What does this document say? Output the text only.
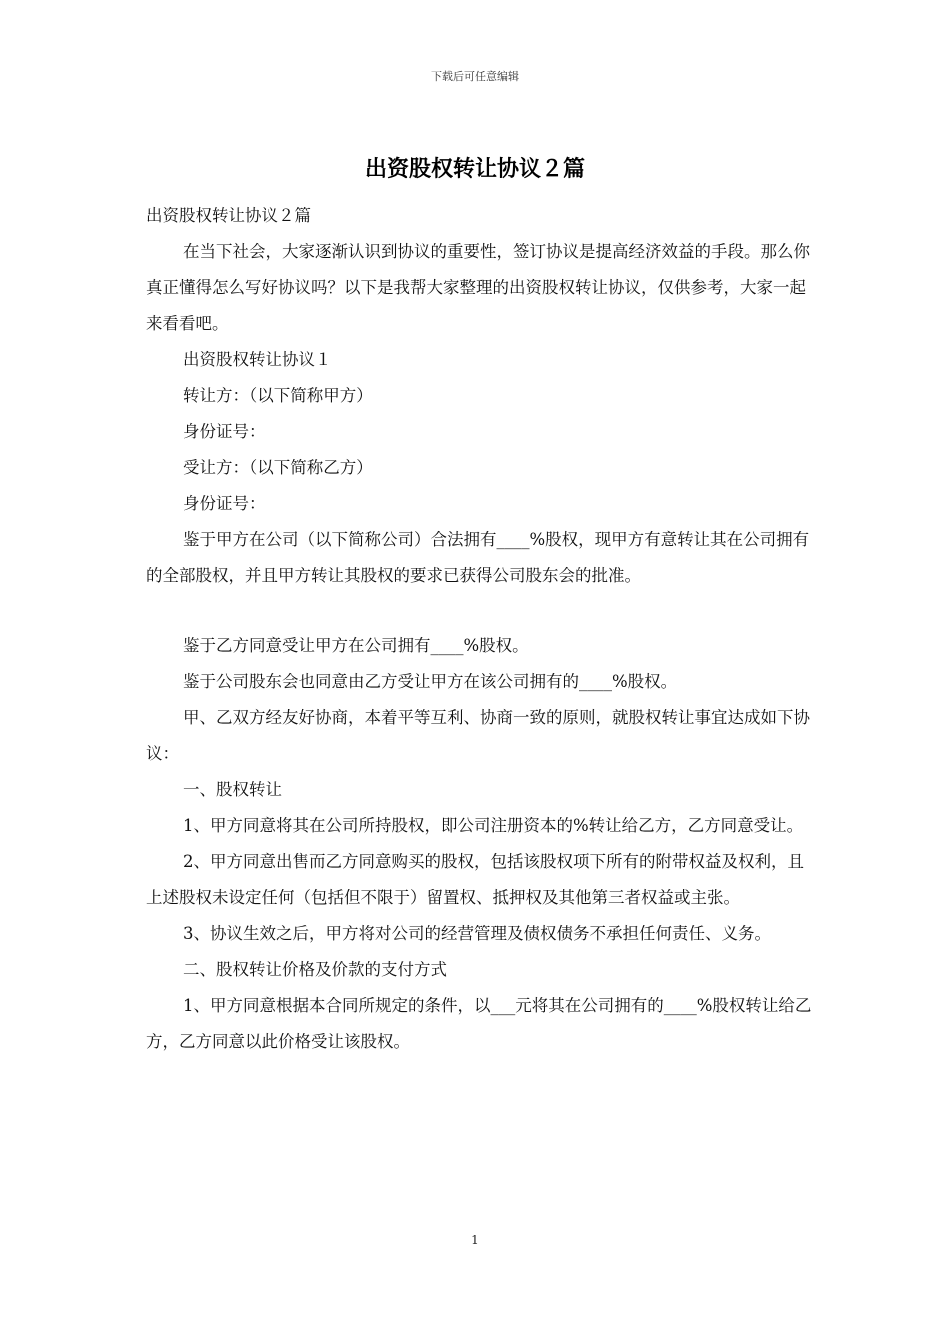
下载后可任意编辑
出资股权转让协议２篇

出资股权转让协议２篇

在当下社会，大家逐渐认识到协议的重要性，签订协议是提高经济效益的手段。那么你真正懂得怎么写好协议吗？以下是我帮大家整理的出资股权转让协议，仅供参考，大家一起来看看吧。

出资股权转让协议１

转让方：（以下简称甲方）

身份证号：

受让方：（以下简称乙方）

身份证号：

鉴于甲方在公司（以下简称公司）合法拥有____%股权，现甲方有意转让其在公司拥有的全部股权，并且甲方转让其股权的要求已获得公司股东会的批准。

鉴于乙方同意受让甲方在公司拥有____%股权。

鉴于公司股东会也同意由乙方受让甲方在该公司拥有的____%股权。

甲、乙双方经友好协商，本着平等互利、协商一致的原则，就股权转让事宜达成如下协议：

一、股权转让

1、甲方同意将其在公司所持股权，即公司注册资本的%转让给乙方，乙方同意受让。

2、甲方同意出售而乙方同意购买的股权，包括该股权项下所有的附带权益及权利，且上述股权未设定任何（包括但不限于）留置权、抵押权及其他第三者权益或主张。

3、协议生效之后，甲方将对公司的经营管理及债权债务不承担任何责任、义务。

二、股权转让价格及价款的支付方式

1、甲方同意根据本合同所规定的条件，以___元将其在公司拥有的____%股权转让给乙方，乙方同意以此价格受让该股权。

1
